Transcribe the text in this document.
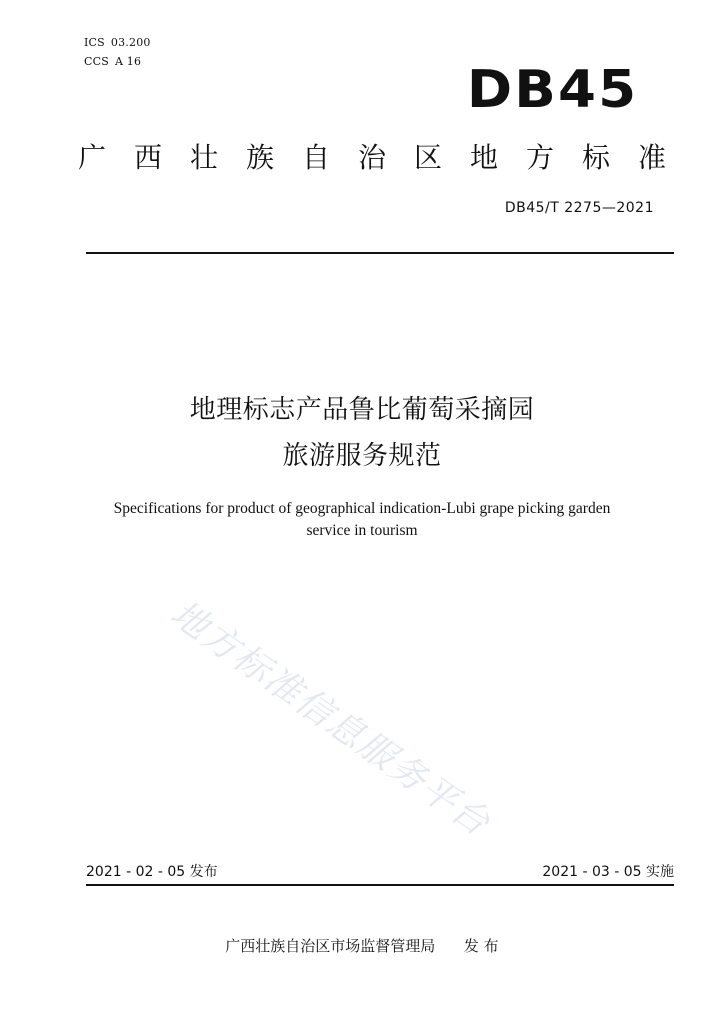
ICS 03.200
CCS A 16	DB45
广西壮族自治区地方标准
DB45/T 2275—2021
地理标志产品鲁比葡萄采摘园
旅游服务规范
Specifications for product of geographical indication-Lubi grape picking garden
service in tourism
地方标准信息服务平台
2021 - 02 - 05 发布	2021 - 03 - 05 实施
广西壮族自治区市场监督管理局      发 布
